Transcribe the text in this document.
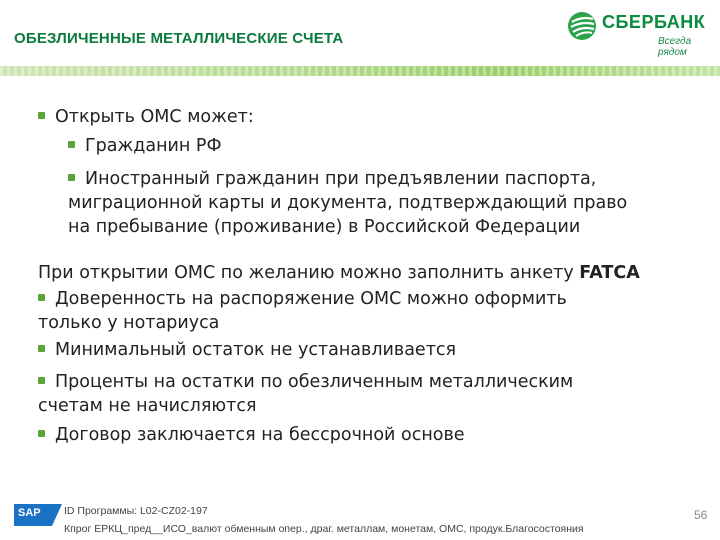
ОБЕЗЛИЧЕННЫЕ МЕТАЛЛИЧЕСКИЕ СЧЕТА
СБЕРБАНК
Всегда рядом
Открыть ОМС может:
Гражданин РФ
Иностранный гражданин при предъявлении паспорта,
миграционной карты и документа, подтверждающий право
на пребывание (проживание) в Российской Федерации
При открытии ОМС по желанию можно заполнить анкету FATCA
Доверенность на распоряжение ОМС можно оформить
только у нотариуса
Минимальный остаток не устанавливается
Проценты на остатки по обезличенным металлическим
счетам не начисляются
Договор заключается на бессрочной основе
SAP ID Программы: L02-CZ02-197
Кпрог ЕРКЦ_пред__ИСО_валют обменным опер., драг. металлам, монетам, ОМС, продук.Благосостояния
56
